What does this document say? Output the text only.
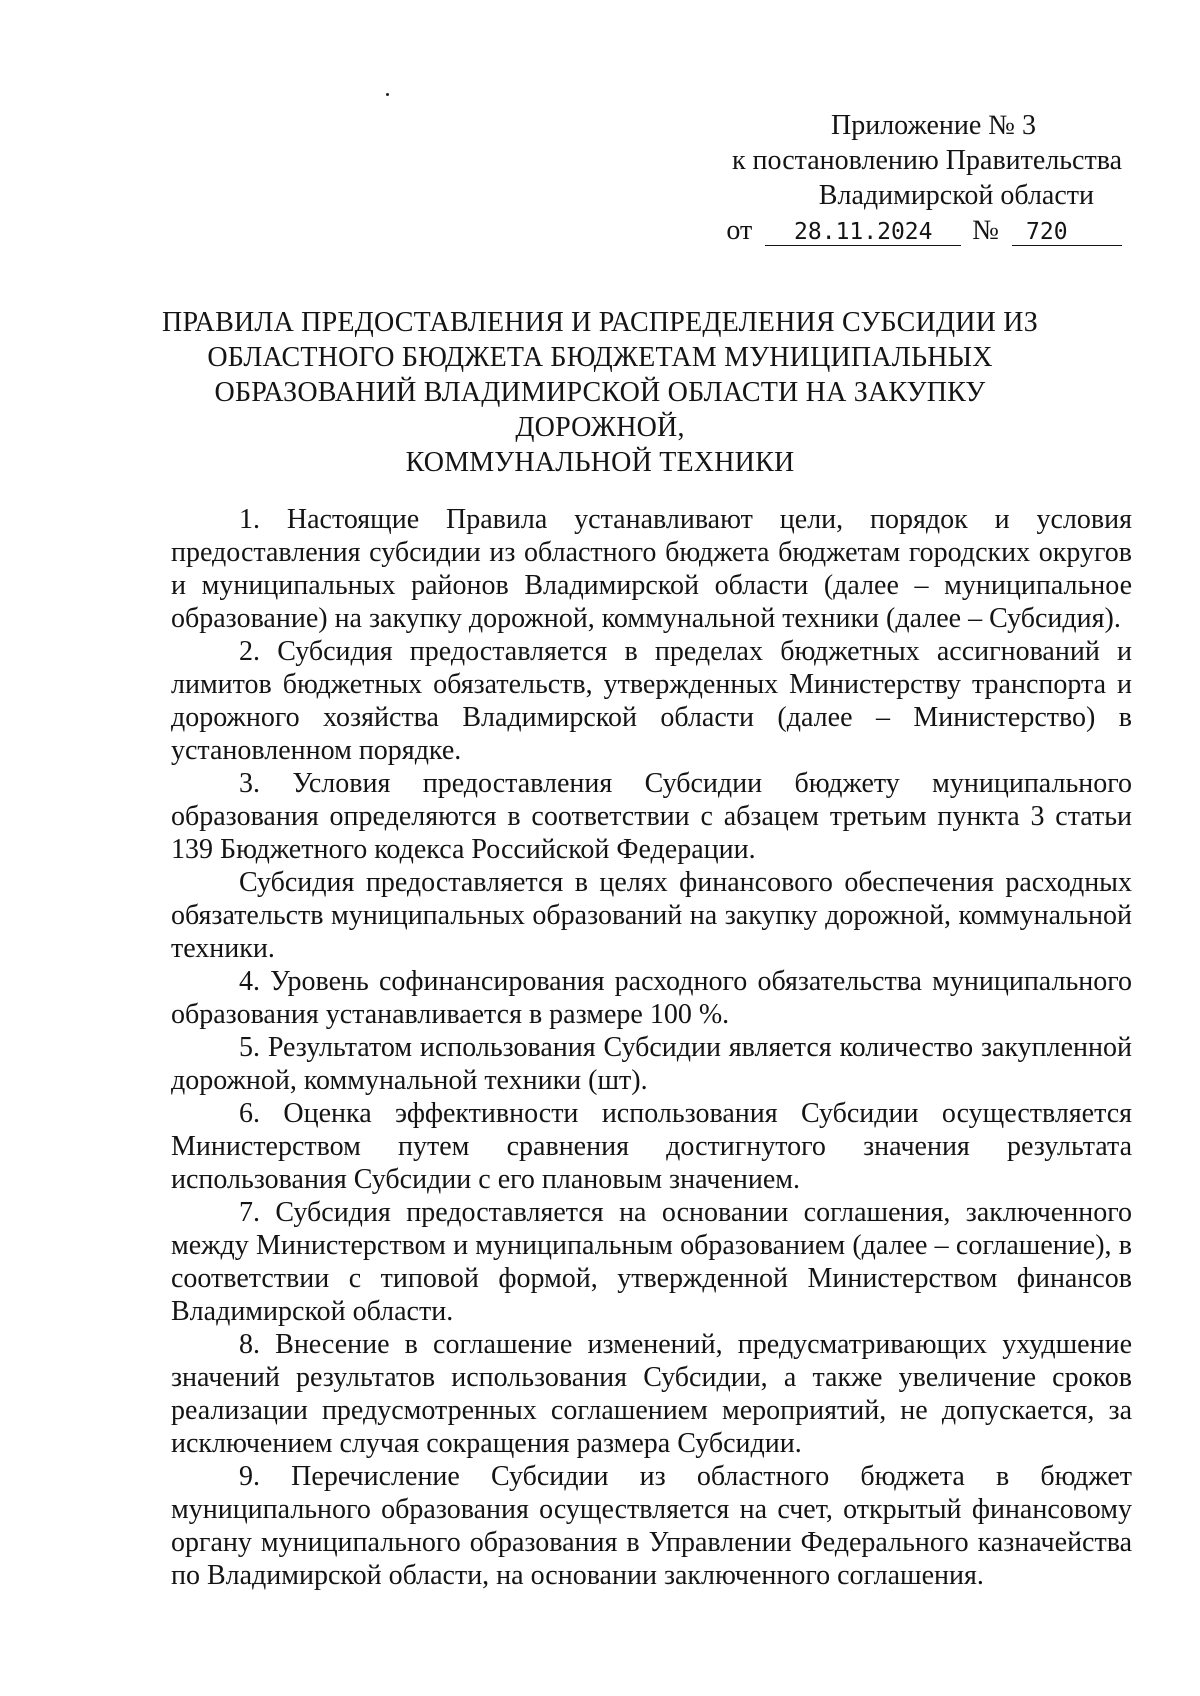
Приложение № 3
к постановлению Правительства
Владимирской области
от 28.11.2024 № 720
ПРАВИЛА ПРЕДОСТАВЛЕНИЯ И РАСПРЕДЕЛЕНИЯ СУБСИДИИ ИЗ
ОБЛАСТНОГО БЮДЖЕТА БЮДЖЕТАМ МУНИЦИПАЛЬНЫХ
ОБРАЗОВАНИЙ ВЛАДИМИРСКОЙ ОБЛАСТИ НА ЗАКУПКУ ДОРОЖНОЙ,
КОММУНАЛЬНОЙ ТЕХНИКИ

1. Настоящие Правила устанавливают цели, порядок и условия предоставления субсидии из областного бюджета бюджетам городских округов и муниципальных районов Владимирской области (далее – муниципальное образование) на закупку дорожной, коммунальной техники (далее – Субсидия).

2. Субсидия предоставляется в пределах бюджетных ассигнований и лимитов бюджетных обязательств, утвержденных Министерству транспорта и дорожного хозяйства Владимирской области (далее – Министерство) в установленном порядке.

3. Условия предоставления Субсидии бюджету муниципального образования определяются в соответствии с абзацем третьим пункта 3 статьи 139 Бюджетного кодекса Российской Федерации.

Субсидия предоставляется в целях финансового обеспечения расходных обязательств муниципальных образований на закупку дорожной, коммунальной техники.

4. Уровень софинансирования расходного обязательства муниципального образования устанавливается в размере 100 %.

5. Результатом использования Субсидии является количество закупленной дорожной, коммунальной техники (шт).

6. Оценка эффективности использования Субсидии осуществляется Министерством путем сравнения достигнутого значения результата использования Субсидии с его плановым значением.

7. Субсидия предоставляется на основании соглашения, заключенного между Министерством и муниципальным образованием (далее – соглашение), в соответствии с типовой формой, утвержденной Министерством финансов Владимирской области.

8. Внесение в соглашение изменений, предусматривающих ухудшение значений результатов использования Субсидии, а также увеличение сроков реализации предусмотренных соглашением мероприятий, не допускается, за исключением случая сокращения размера Субсидии.

9. Перечисление Субсидии из областного бюджета в бюджет муниципального образования осуществляется на счет, открытый финансовому органу муниципального образования в Управлении Федерального казначейства по Владимирской области, на основании заключенного соглашения.
